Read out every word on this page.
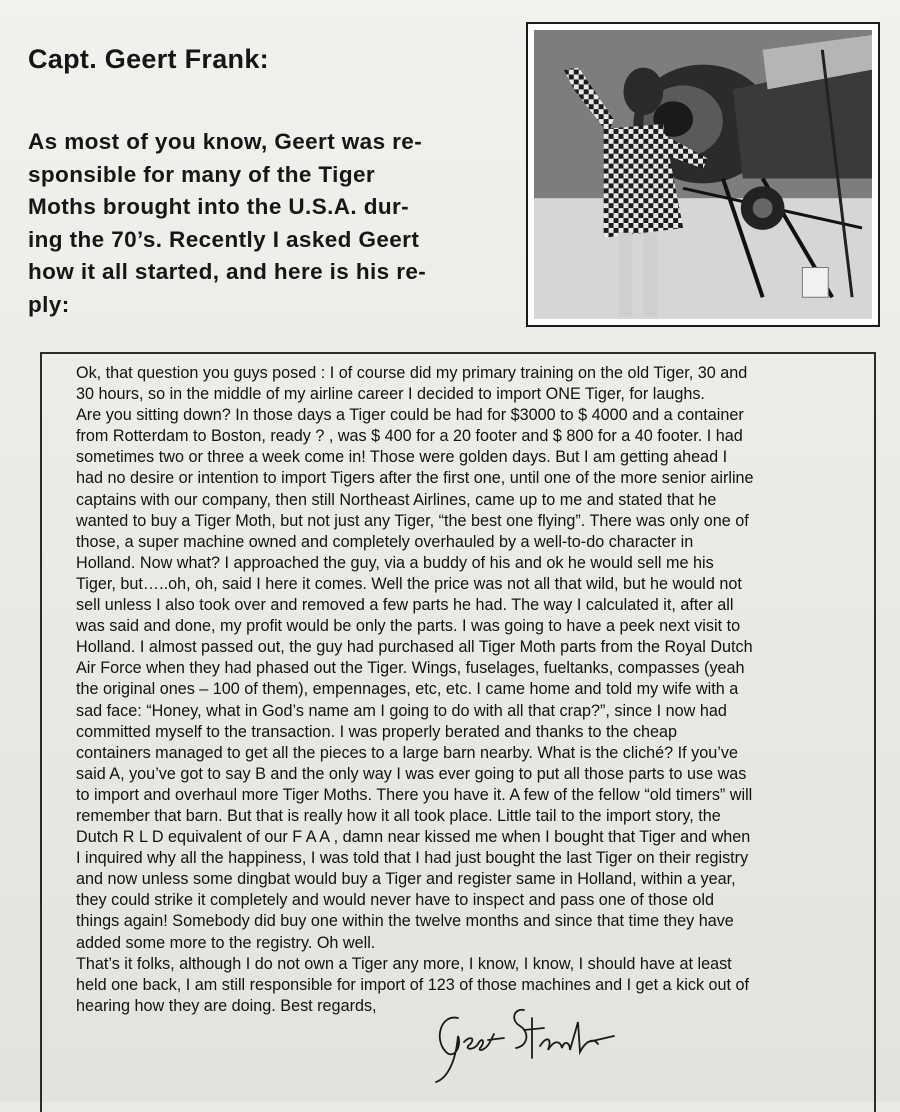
Capt. Geert Frank:
As most of you know, Geert was re-
sponsible for many of the Tiger
Moths brought into the U.S.A. dur-
ing the 70’s. Recently I asked Geert
how it all started, and here is his re-
ply:
Ok, that question you guys posed : I of course did my primary training on the old Tiger, 30 and
30 hours, so in the middle of my airline career I decided to import ONE Tiger, for laughs.
Are you sitting down? In those days a Tiger could be had for $3000 to $ 4000 and a container
from Rotterdam to Boston, ready ? , was $ 400 for a 20 footer and $ 800 for a 40 footer. I had
sometimes two or three a week come in! Those were golden days. But I am getting ahead I
had no desire or intention to import Tigers after the first one, until one of the more senior airline
captains with our company, then still Northeast Airlines, came up to me and stated that he
wanted to buy a Tiger Moth, but not just any Tiger, “the best one flying”. There was only one of
those, a super machine owned and completely overhauled by a well-to-do character in
Holland. Now what? I approached the guy, via a buddy of his and ok he would sell me his
Tiger, but…..oh, oh, said I here it comes. Well the price was not all that wild, but he would not
sell unless I also took over and removed a few parts he had. The way I calculated it, after all
was said and done, my profit would be only the parts. I was going to have a peek next visit to
Holland. I almost passed out, the guy had purchased all Tiger Moth parts from the Royal Dutch
Air Force when they had phased out the Tiger. Wings, fuselages, fueltanks, compasses (yeah
the original ones – 100 of them), empennages, etc, etc. I came home and told my wife with a
sad face: “Honey, what in God’s name am I going to do with all that crap?”, since I now had
committed myself to the transaction. I was properly berated and thanks to the cheap
containers managed to get all the pieces to a large barn nearby. What is the cliché? If you’ve
said A, you’ve got to say B and the only way I was ever going to put all those parts to use was
to import and overhaul more Tiger Moths. There you have it. A few of the fellow “old timers” will
remember that barn. But that is really how it all took place. Little tail to the import story, the
Dutch R L D equivalent of our F A A , damn near kissed me when I bought that Tiger and when
I inquired why all the happiness, I was told that I had just bought the last Tiger on their registry
and now unless some dingbat would buy a Tiger and register same in Holland, within a year,
they could strike it completely and would never have to inspect and pass one of those old
things again! Somebody did buy one within the twelve months and since that time they have
added some more to the registry. Oh well.
That’s it folks, although I do not own a Tiger any more, I know, I know, I should have at least
held one back, I am still responsible for import of 123 of those machines and I get a kick out of
hearing how they are doing. Best regards,
